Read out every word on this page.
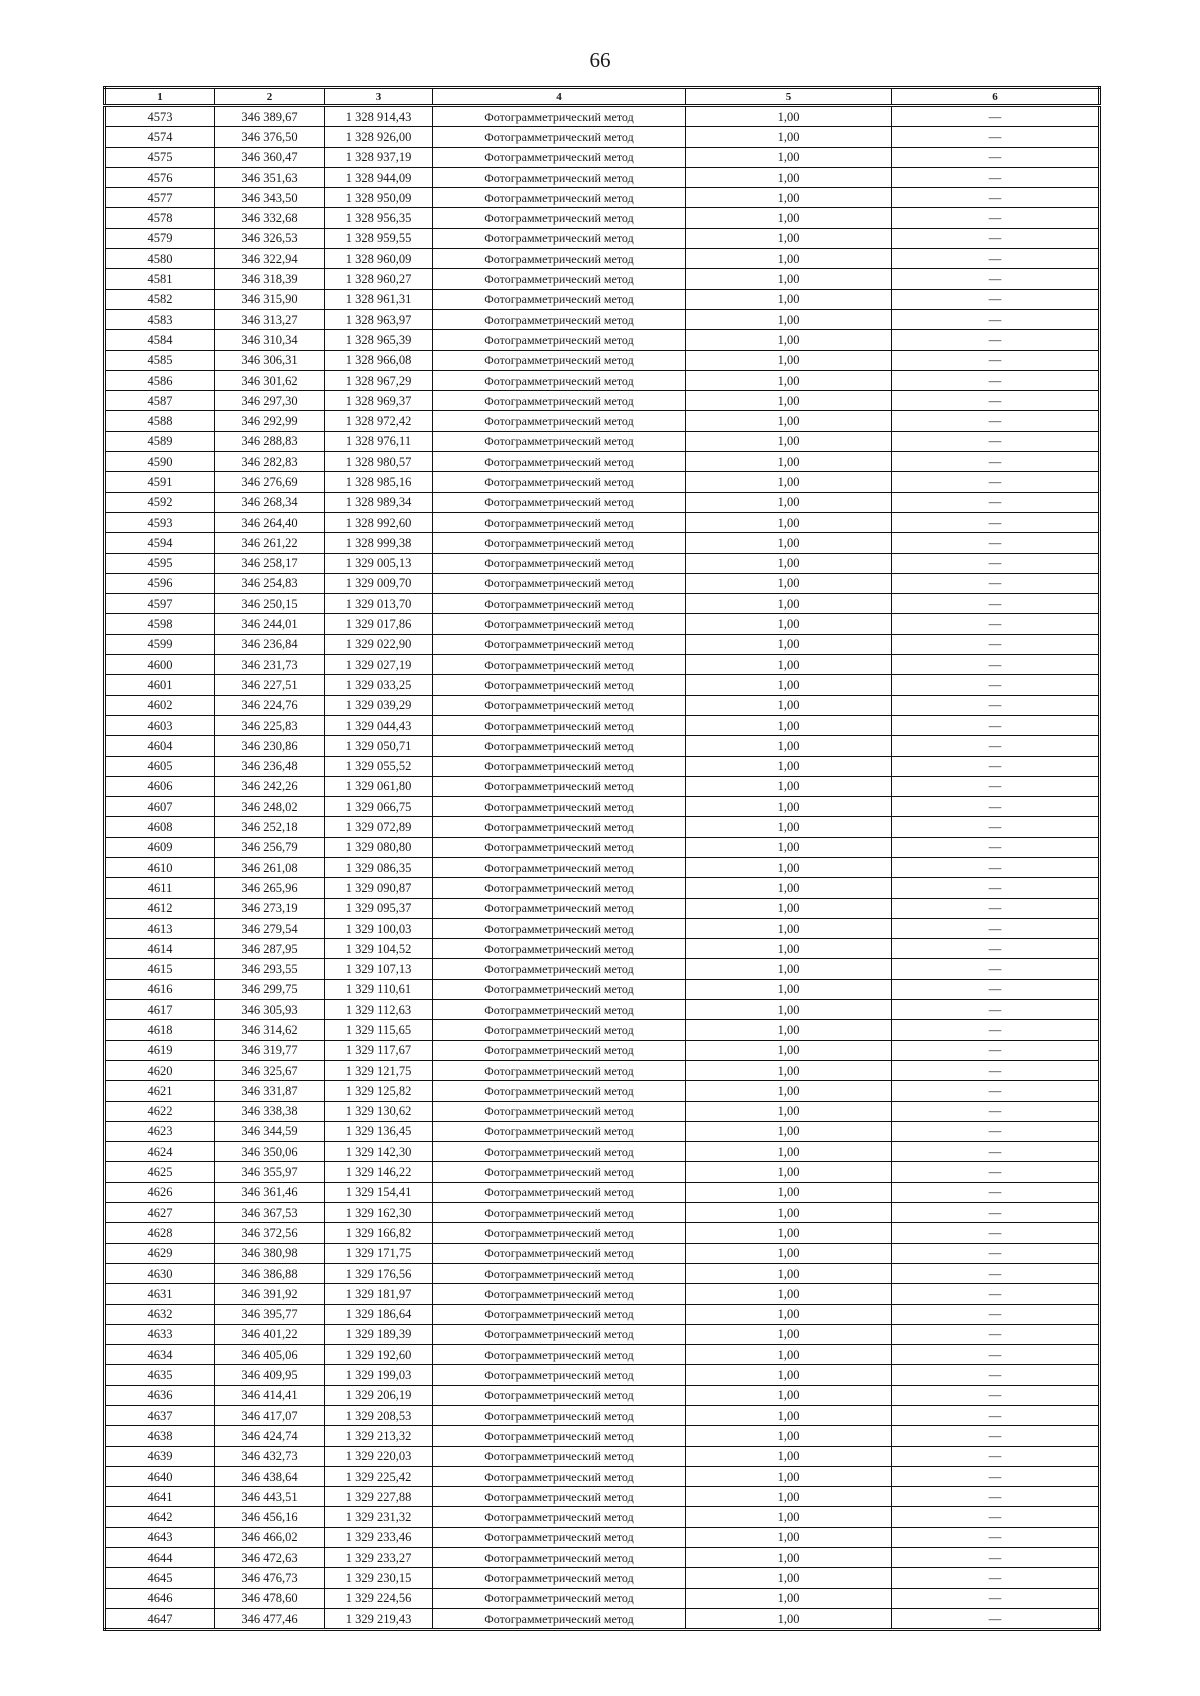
66
1	2	3	4	5	6
4573	346 389,67	1 328 914,43	Фотограмметрический метод	1,00	—
4574	346 376,50	1 328 926,00	Фотограмметрический метод	1,00	—
4575	346 360,47	1 328 937,19	Фотограмметрический метод	1,00	—
4576	346 351,63	1 328 944,09	Фотограмметрический метод	1,00	—
4577	346 343,50	1 328 950,09	Фотограмметрический метод	1,00	—
4578	346 332,68	1 328 956,35	Фотограмметрический метод	1,00	—
4579	346 326,53	1 328 959,55	Фотограмметрический метод	1,00	—
4580	346 322,94	1 328 960,09	Фотограмметрический метод	1,00	—
4581	346 318,39	1 328 960,27	Фотограмметрический метод	1,00	—
4582	346 315,90	1 328 961,31	Фотограмметрический метод	1,00	—
4583	346 313,27	1 328 963,97	Фотограмметрический метод	1,00	—
4584	346 310,34	1 328 965,39	Фотограмметрический метод	1,00	—
4585	346 306,31	1 328 966,08	Фотограмметрический метод	1,00	—
4586	346 301,62	1 328 967,29	Фотограмметрический метод	1,00	—
4587	346 297,30	1 328 969,37	Фотограмметрический метод	1,00	—
4588	346 292,99	1 328 972,42	Фотограмметрический метод	1,00	—
4589	346 288,83	1 328 976,11	Фотограмметрический метод	1,00	—
4590	346 282,83	1 328 980,57	Фотограмметрический метод	1,00	—
4591	346 276,69	1 328 985,16	Фотограмметрический метод	1,00	—
4592	346 268,34	1 328 989,34	Фотограмметрический метод	1,00	—
4593	346 264,40	1 328 992,60	Фотограмметрический метод	1,00	—
4594	346 261,22	1 328 999,38	Фотограмметрический метод	1,00	—
4595	346 258,17	1 329 005,13	Фотограмметрический метод	1,00	—
4596	346 254,83	1 329 009,70	Фотограмметрический метод	1,00	—
4597	346 250,15	1 329 013,70	Фотограмметрический метод	1,00	—
4598	346 244,01	1 329 017,86	Фотограмметрический метод	1,00	—
4599	346 236,84	1 329 022,90	Фотограмметрический метод	1,00	—
4600	346 231,73	1 329 027,19	Фотограмметрический метод	1,00	—
4601	346 227,51	1 329 033,25	Фотограмметрический метод	1,00	—
4602	346 224,76	1 329 039,29	Фотограмметрический метод	1,00	—
4603	346 225,83	1 329 044,43	Фотограмметрический метод	1,00	—
4604	346 230,86	1 329 050,71	Фотограмметрический метод	1,00	—
4605	346 236,48	1 329 055,52	Фотограмметрический метод	1,00	—
4606	346 242,26	1 329 061,80	Фотограмметрический метод	1,00	—
4607	346 248,02	1 329 066,75	Фотограмметрический метод	1,00	—
4608	346 252,18	1 329 072,89	Фотограмметрический метод	1,00	—
4609	346 256,79	1 329 080,80	Фотограмметрический метод	1,00	—
4610	346 261,08	1 329 086,35	Фотограмметрический метод	1,00	—
4611	346 265,96	1 329 090,87	Фотограмметрический метод	1,00	—
4612	346 273,19	1 329 095,37	Фотограмметрический метод	1,00	—
4613	346 279,54	1 329 100,03	Фотограмметрический метод	1,00	—
4614	346 287,95	1 329 104,52	Фотограмметрический метод	1,00	—
4615	346 293,55	1 329 107,13	Фотограмметрический метод	1,00	—
4616	346 299,75	1 329 110,61	Фотограмметрический метод	1,00	—
4617	346 305,93	1 329 112,63	Фотограмметрический метод	1,00	—
4618	346 314,62	1 329 115,65	Фотограмметрический метод	1,00	—
4619	346 319,77	1 329 117,67	Фотограмметрический метод	1,00	—
4620	346 325,67	1 329 121,75	Фотограмметрический метод	1,00	—
4621	346 331,87	1 329 125,82	Фотограмметрический метод	1,00	—
4622	346 338,38	1 329 130,62	Фотограмметрический метод	1,00	—
4623	346 344,59	1 329 136,45	Фотограмметрический метод	1,00	—
4624	346 350,06	1 329 142,30	Фотограмметрический метод	1,00	—
4625	346 355,97	1 329 146,22	Фотограмметрический метод	1,00	—
4626	346 361,46	1 329 154,41	Фотограмметрический метод	1,00	—
4627	346 367,53	1 329 162,30	Фотограмметрический метод	1,00	—
4628	346 372,56	1 329 166,82	Фотограмметрический метод	1,00	—
4629	346 380,98	1 329 171,75	Фотограмметрический метод	1,00	—
4630	346 386,88	1 329 176,56	Фотограмметрический метод	1,00	—
4631	346 391,92	1 329 181,97	Фотограмметрический метод	1,00	—
4632	346 395,77	1 329 186,64	Фотограмметрический метод	1,00	—
4633	346 401,22	1 329 189,39	Фотограмметрический метод	1,00	—
4634	346 405,06	1 329 192,60	Фотограмметрический метод	1,00	—
4635	346 409,95	1 329 199,03	Фотограмметрический метод	1,00	—
4636	346 414,41	1 329 206,19	Фотограмметрический метод	1,00	—
4637	346 417,07	1 329 208,53	Фотограмметрический метод	1,00	—
4638	346 424,74	1 329 213,32	Фотограмметрический метод	1,00	—
4639	346 432,73	1 329 220,03	Фотограмметрический метод	1,00	—
4640	346 438,64	1 329 225,42	Фотограмметрический метод	1,00	—
4641	346 443,51	1 329 227,88	Фотограмметрический метод	1,00	—
4642	346 456,16	1 329 231,32	Фотограмметрический метод	1,00	—
4643	346 466,02	1 329 233,46	Фотограмметрический метод	1,00	—
4644	346 472,63	1 329 233,27	Фотограмметрический метод	1,00	—
4645	346 476,73	1 329 230,15	Фотограмметрический метод	1,00	—
4646	346 478,60	1 329 224,56	Фотограмметрический метод	1,00	—
4647	346 477,46	1 329 219,43	Фотограмметрический метод	1,00	—
